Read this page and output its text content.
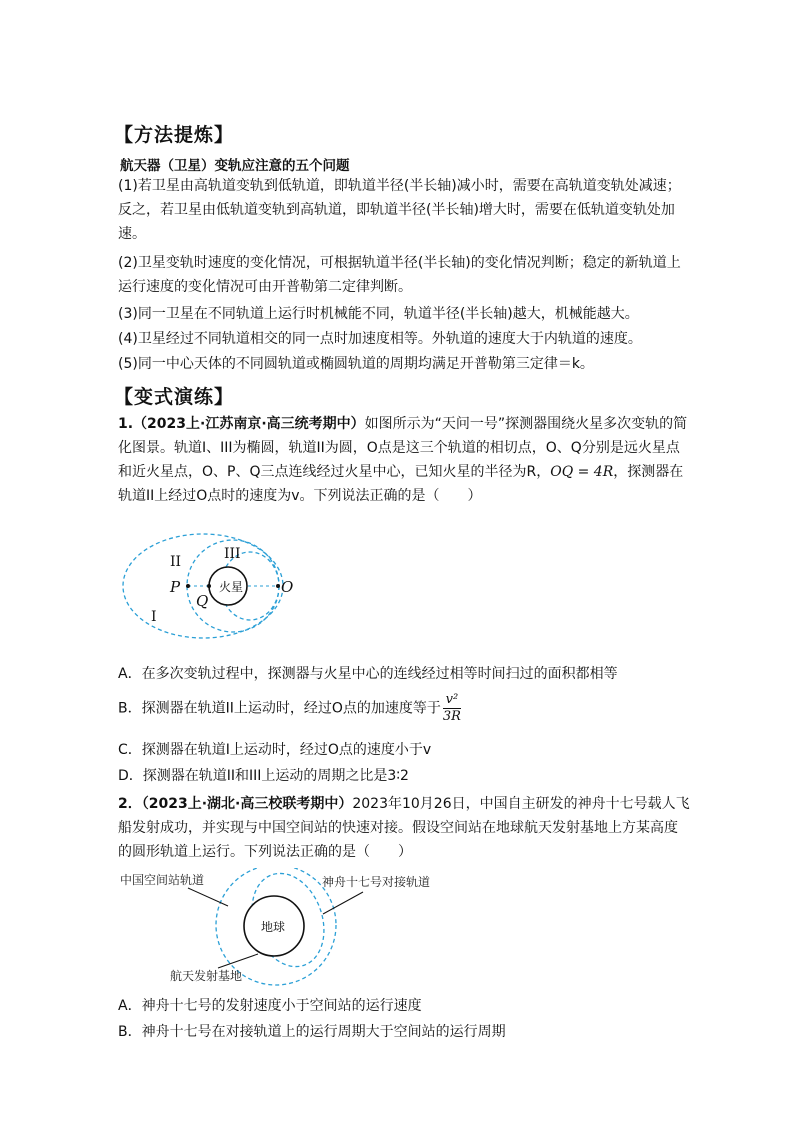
【方法提炼】
航天器（卫星）变轨应注意的五个问题
(1)若卫星由高轨道变轨到低轨道，即轨道半径(半长轴)减小时，需要在高轨道变轨处减速；反之，若卫星由低轨道变轨到高轨道，即轨道半径(半长轴)增大时，需要在低轨道变轨处加速。
(2)卫星变轨时速度的变化情况，可根据轨道半径(半长轴)的变化情况判断；稳定的新轨道上运行速度的变化情况可由开普勒第二定律判断。
(3)同一卫星在不同轨道上运行时机械能不同，轨道半径(半长轴)越大，机械能越大。
(4)卫星经过不同轨道相交的同一点时加速度相等。外轨道的速度大于内轨道的速度。
(5)同一中心天体的不同圆轨道或椭圆轨道的周期均满足开普勒第三定律＝k。
【变式演练】
1.（2023上·江苏南京·高三统考期中）如图所示为“天问一号”探测器围绕火星多次变轨的简化图景。轨道I、III为椭圆，轨道II为圆，O点是这三个轨道的相切点，O、Q分别是远火星点和近火星点，O、P、Q三点连线经过火星中心，已知火星的半径为R，OQ = 4R，探测器在轨道II上经过O点时的速度为v。下列说法正确的是（　　）
火星
II	III
P
Q
O
I
A．在多次变轨过程中，探测器与火星中心的连线经过相等时间扫过的面积都相等
B．探测器在轨道II上运动时，经过O点的加速度等于 $\frac{\text{v²}}{3R}$
C．探测器在轨道I上运动时，经过O点的速度小于v
D．探测器在轨道II和III上运动的周期之比是3∶2
2．（2023上·湖北·高三校联考期中）2023年10月26日，中国自主研发的神舟十七号载人飞船发射成功，并实现与中国空间站的快速对接。假设空间站在地球航天发射基地上方某高度的圆形轨道上运行。下列说法正确的是（　　）
地球
中国空间站轨道	神舟十七号对接轨道
航天发射基地
A．神舟十七号的发射速度小于空间站的运行速度
B．神舟十七号在对接轨道上的运行周期大于空间站的运行周期
